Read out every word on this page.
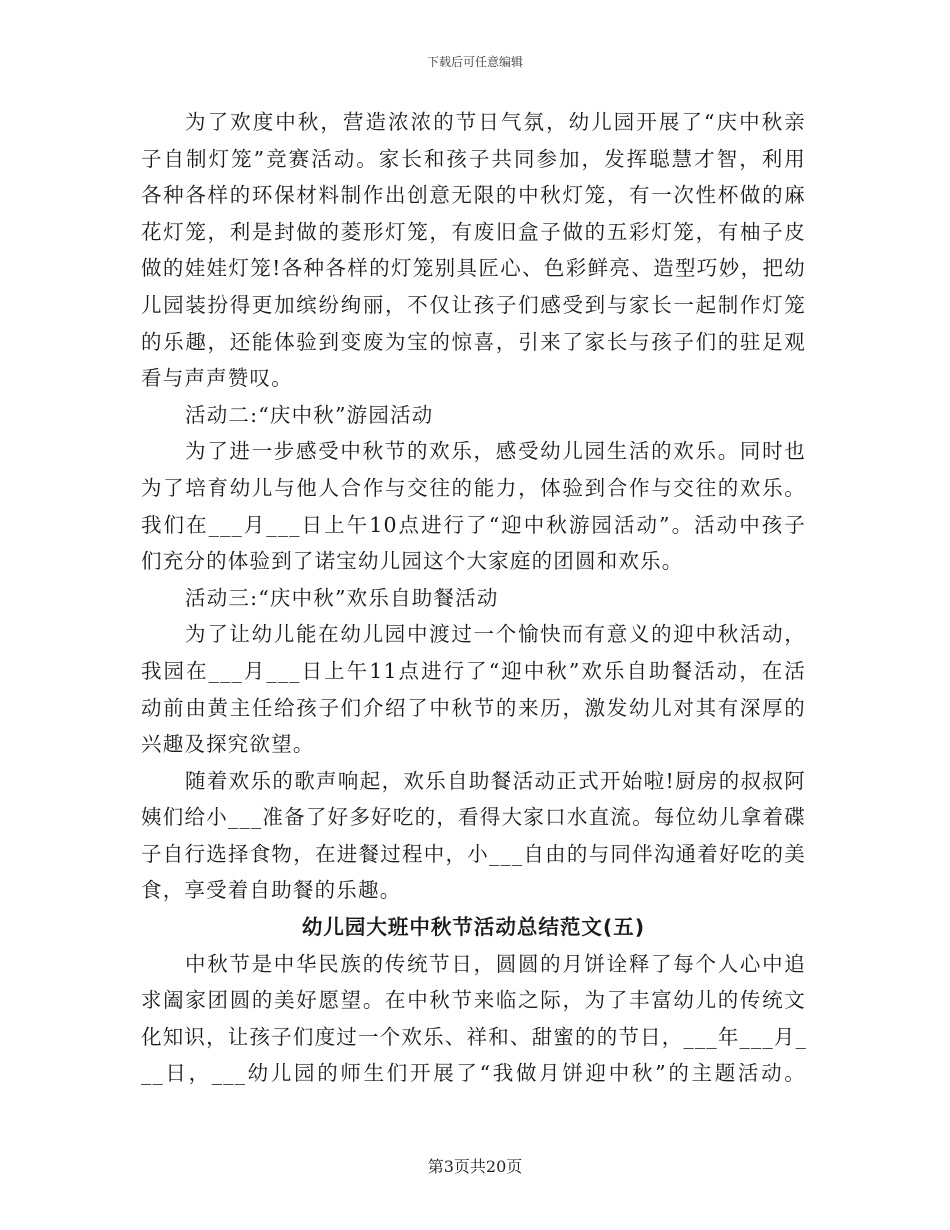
下载后可任意编辑
为了欢度中秋，营造浓浓的节日气氛，幼儿园开展了“庆中秋亲
子自制灯笼”竞赛活动。家长和孩子共同参加，发挥聪慧才智，利用
各种各样的环保材料制作出创意无限的中秋灯笼，有一次性杯做的麻
花灯笼，利是封做的菱形灯笼，有废旧盒子做的五彩灯笼，有柚子皮
做的娃娃灯笼!各种各样的灯笼别具匠心、色彩鲜亮、造型巧妙，把幼
儿园装扮得更加缤纷绚丽，不仅让孩子们感受到与家长一起制作灯笼
的乐趣，还能体验到变废为宝的惊喜，引来了家长与孩子们的驻足观
看与声声赞叹。
活动二:“庆中秋”游园活动
为了进一步感受中秋节的欢乐，感受幼儿园生活的欢乐。同时也
为了培育幼儿与他人合作与交往的能力，体验到合作与交往的欢乐。
我们在___月___日上午10点进行了“迎中秋游园活动”。活动中孩子
们充分的体验到了诺宝幼儿园这个大家庭的团圆和欢乐。
活动三:“庆中秋”欢乐自助餐活动
为了让幼儿能在幼儿园中渡过一个愉快而有意义的迎中秋活动，
我园在___月___日上午11点进行了“迎中秋”欢乐自助餐活动，在活
动前由黄主任给孩子们介绍了中秋节的来历，激发幼儿对其有深厚的
兴趣及探究欲望。
随着欢乐的歌声响起，欢乐自助餐活动正式开始啦!厨房的叔叔阿
姨们给小___准备了好多好吃的，看得大家口水直流。每位幼儿拿着碟
子自行选择食物，在进餐过程中，小___自由的与同伴沟通着好吃的美
食，享受着自助餐的乐趣。
幼儿园大班中秋节活动总结范文(五)
中秋节是中华民族的传统节日，圆圆的月饼诠释了每个人心中追
求阖家团圆的美好愿望。在中秋节来临之际，为了丰富幼儿的传统文
化知识，让孩子们度过一个欢乐、祥和、甜蜜的的节日，___年___月_
__日，___幼儿园的师生们开展了“我做月饼迎中秋”的主题活动。
第3页共20页
